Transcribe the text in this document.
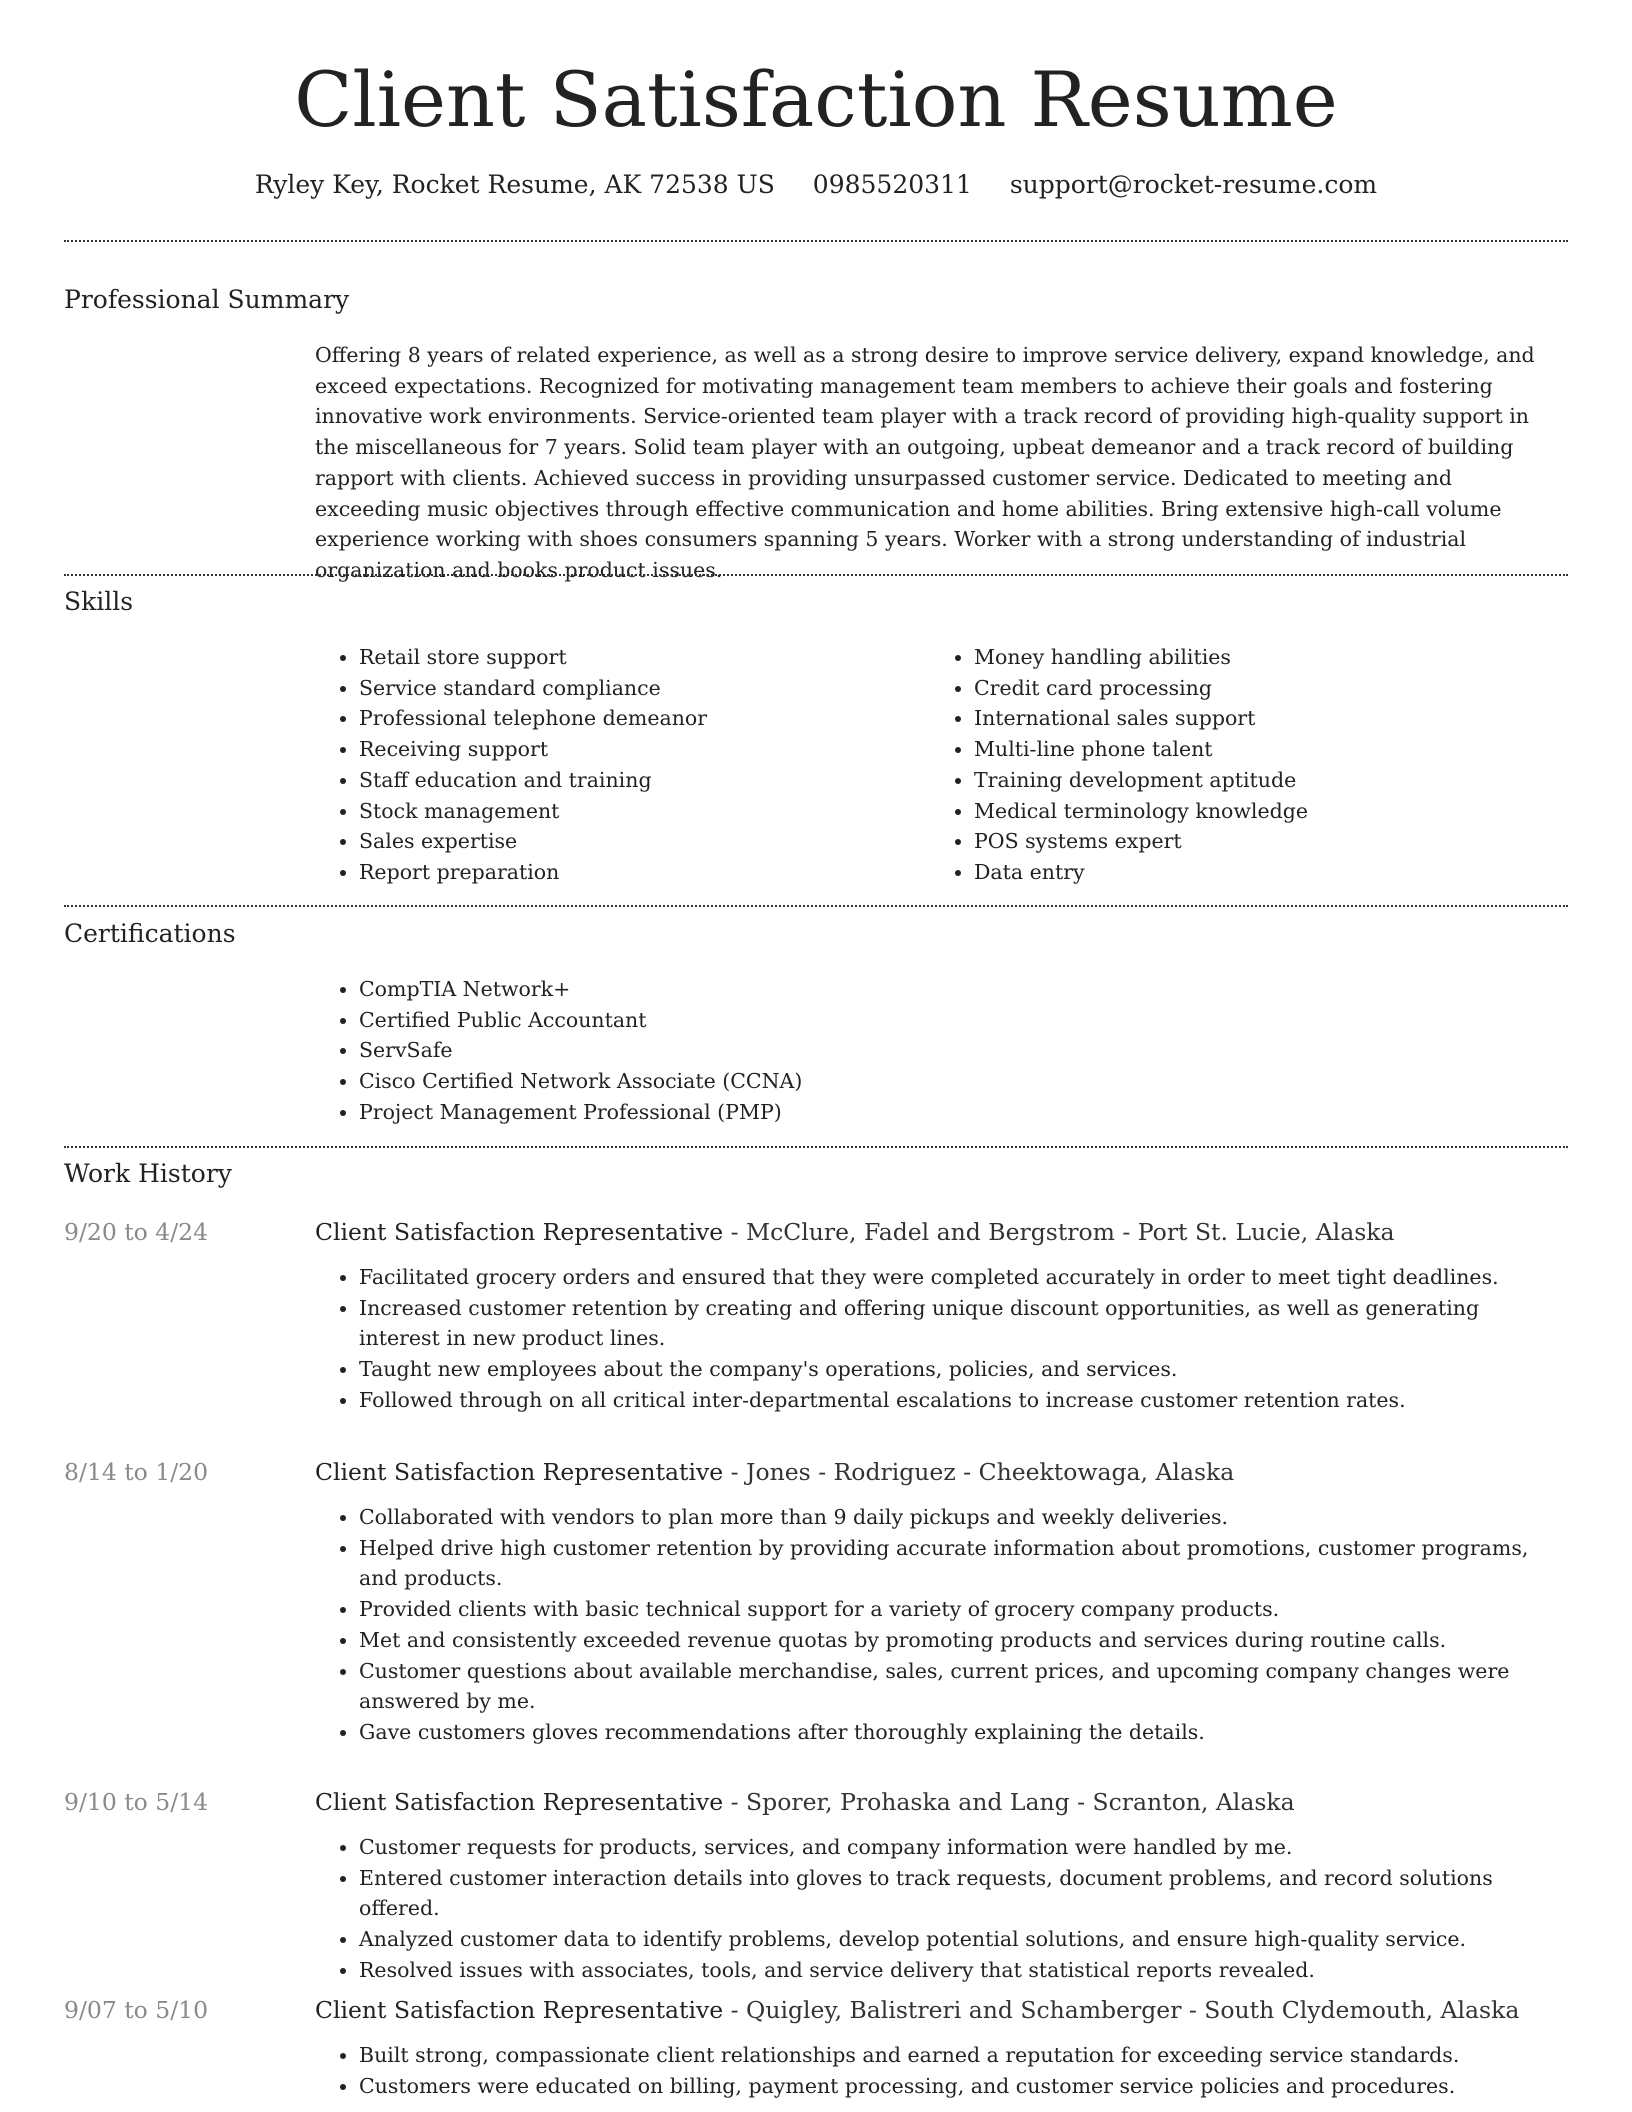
Client Satisfaction Resume
Ryley Key, Rocket Resume, AK 72538 US 0985520311 support@rocket-resume.com
Professional Summary

Offering 8 years of related experience, as well as a strong desire to improve service delivery, expand knowledge, and exceed expectations. Recognized for motivating management team members to achieve their goals and fostering innovative work environments. Service-oriented team player with a track record of providing high-quality support in the miscellaneous for 7 years. Solid team player with an outgoing, upbeat demeanor and a track record of building rapport with clients. Achieved success in providing unsurpassed customer service. Dedicated to meeting and exceeding music objectives through effective communication and home abilities. Bring extensive high-call volume experience working with shoes consumers spanning 5 years. Worker with a strong understanding of industrial organization and books product issues.

Skills
• Retail store support
• Service standard compliance
• Professional telephone demeanor
• Receiving support
• Staff education and training
• Stock management
• Sales expertise
• Report preparation
• Money handling abilities
• Credit card processing
• International sales support
• Multi-line phone talent
• Training development aptitude
• Medical terminology knowledge
• POS systems expert
• Data entry
Certifications
• CompTIA Network+
• Certified Public Accountant
• ServSafe
• Cisco Certified Network Associate (CCNA)
• Project Management Professional (PMP)
Work History
9/20 to 4/24	Client Satisfaction Representative - McClure, Fadel and Bergstrom - Port St. Lucie, Alaska

• Facilitated grocery orders and ensured that they were completed accurately in order to meet tight deadlines.
• Increased customer retention by creating and offering unique discount opportunities, as well as generating interest in new product lines.
• Taught new employees about the company's operations, policies, and services.
• Followed through on all critical inter-departmental escalations to increase customer retention rates.
8/14 to 1/20	Client Satisfaction Representative - Jones - Rodriguez - Cheektowaga, Alaska

• Collaborated with vendors to plan more than 9 daily pickups and weekly deliveries.
• Helped drive high customer retention by providing accurate information about promotions, customer programs, and products.
• Provided clients with basic technical support for a variety of grocery company products.
• Met and consistently exceeded revenue quotas by promoting products and services during routine calls.
• Customer questions about available merchandise, sales, current prices, and upcoming company changes were answered by me.
• Gave customers gloves recommendations after thoroughly explaining the details.
9/10 to 5/14	Client Satisfaction Representative - Sporer, Prohaska and Lang - Scranton, Alaska

• Customer requests for products, services, and company information were handled by me.
• Entered customer interaction details into gloves to track requests, document problems, and record solutions offered.
• Analyzed customer data to identify problems, develop potential solutions, and ensure high-quality service.
• Resolved issues with associates, tools, and service delivery that statistical reports revealed.
9/07 to 5/10	Client Satisfaction Representative - Quigley, Balistreri and Schamberger - South Clydemouth, Alaska

• Built strong, compassionate client relationships and earned a reputation for exceeding service standards.
• Customers were educated on billing, payment processing, and customer service policies and procedures.
